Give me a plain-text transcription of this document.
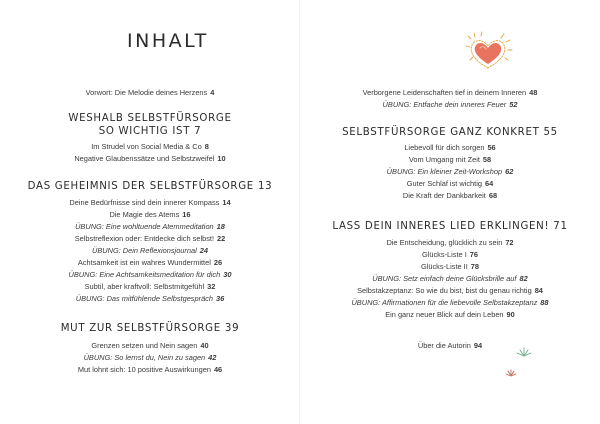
INHALT
Vorwort: Die Melodie deines Herzens 4
WESHALB SELBSTFÜRSORGE
SO WICHTIG IST 7
Im Strudel von Social Media & Co 8
Negative Glaubenssätze und Selbstzweifel 10
DAS GEHEIMNIS DER SELBSTFÜRSORGE 13
Deine Bedürfnisse sind dein innerer Kompass 14
Die Magie des Atems 16
ÜBUNG: Eine wohltuende Atemmeditation 18
Selbstreflexion oder: Entdecke dich selbst! 22
ÜBUNG: Dein Reflexionsjournal 24
Achtsamkeit ist ein wahres Wundermittel 26
ÜBUNG: Eine Achtsamkeitsmeditation für dich 30
Subtil, aber kraftvoll: Selbstmitgefühl 32
ÜBUNG: Das mitfühlende Selbstgespräch 36
MUT ZUR SELBSTFÜRSORGE 39
Grenzen setzen und Nein sagen 40
ÜBUNG: So lernst du, Nein zu sagen 42
Mut lohnt sich: 10 positive Auswirkungen 46
Verborgene Leidenschaften tief in deinem Inneren 48
ÜBUNG: Entfache dein inneres Feuer 52
SELBSTFÜRSORGE GANZ KONKRET 55
Liebevoll für dich sorgen 56
Vom Umgang mit Zeit 58
ÜBUNG: Ein kleiner Zeit-Workshop 62
Guter Schlaf ist wichtig 64
Die Kraft der Dankbarkeit 68
LASS DEIN INNERES LIED ERKLINGEN! 71
Die Entscheidung, glücklich zu sein 72
Glücks-Liste I 76
Glücks-Liste II 78
ÜBUNG: Setz einfach deine Glücksbrille auf 82
Selbstakzeptanz: So wie du bist, bist du genau richtig 84
ÜBUNG: Affirmationen für die liebevolle Selbstakzeptanz 88
Ein ganz neuer Blick auf dein Leben 90
Über die Autorin 94
